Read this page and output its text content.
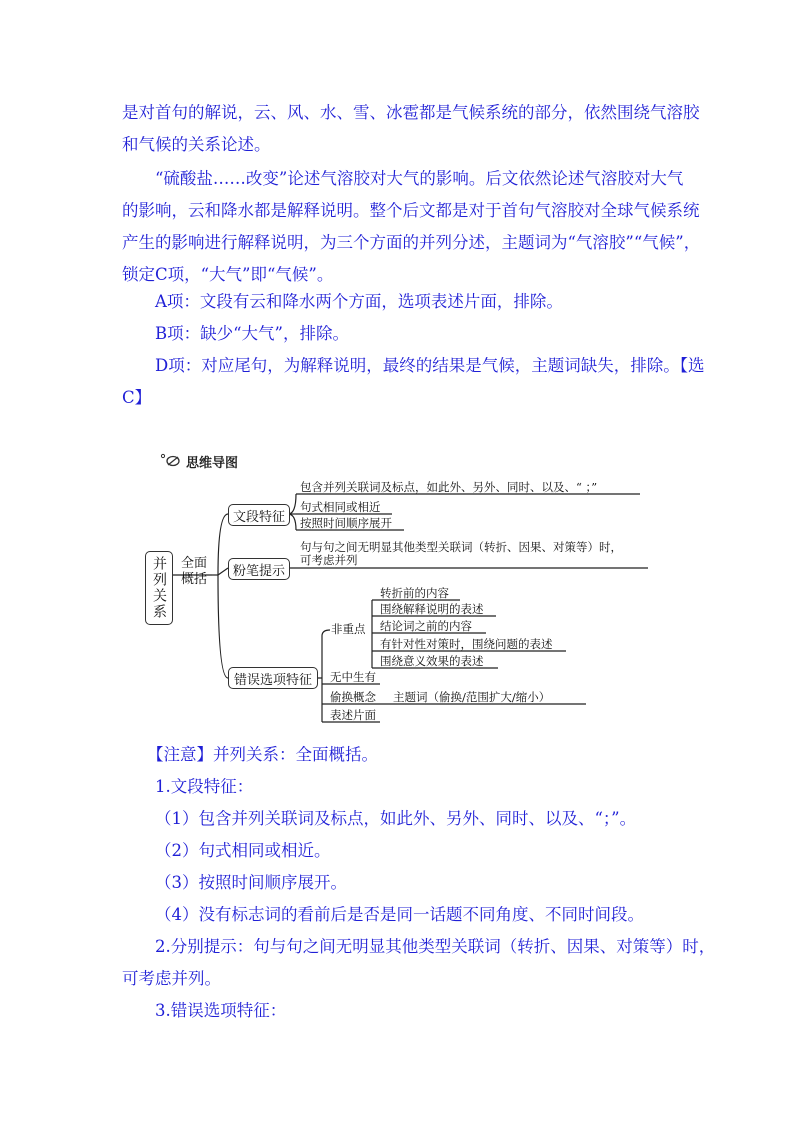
是对首句的解说，云、风、水、雪、冰雹都是气候系统的部分，依然围绕气溶胶
和气候的关系论述。
“硫酸盐……改变”论述气溶胶对大气的影响。后文依然论述气溶胶对大气
的影响，云和降水都是解释说明。整个后文都是对于首句气溶胶对全球气候系统
产生的影响进行解释说明，为三个方面的并列分述，主题词为“气溶胶”“气候”，
锁定C项，“大气”即“气候”。
A项：文段有云和降水两个方面，选项表述片面，排除。
B项：缺少“大气”，排除。
D项：对应尾句，为解释说明，最终的结果是气候，主题词缺失，排除。【选
C】
思维导图
并列关系 全面
概括
文段特征
包含并列关联词及标点，如此外、另外、同时、以及、“ ；”
句式相同或相近
按照时间顺序展开
粉笔提示
句与句之间无明显其他类型关联词（转折、因果、对策等）时，
可考虑并列
错误选项特征
非重点
转折前的内容
围绕解释说明的表述
结论词之前的内容
有针对性对策时，围绕问题的表述
围绕意义效果的表述
无中生有
偷换概念 主题词（偷换/范围扩大/缩小）
表述片面
【注意】并列关系：全面概括。
1.文段特征：
（1）包含并列关联词及标点，如此外、另外、同时、以及、“；”。
（2）句式相同或相近。
（3）按照时间顺序展开。
（4）没有标志词的看前后是否是同一话题不同角度、不同时间段。
2.分别提示：句与句之间无明显其他类型关联词（转折、因果、对策等）时，
可考虑并列。
3.错误选项特征：
